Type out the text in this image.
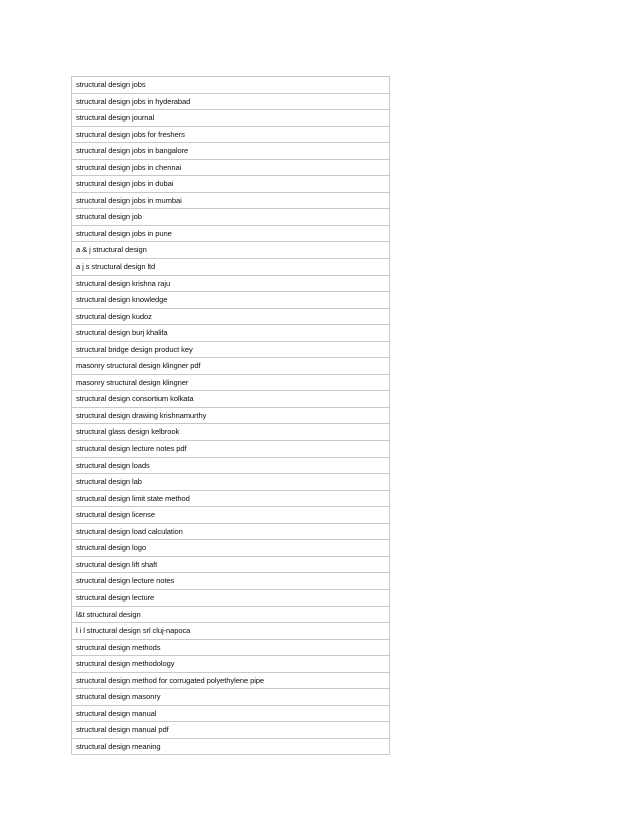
structural design jobs
structural design jobs in hyderabad
structural design journal
structural design jobs for freshers
structural design jobs in bangalore
structural design jobs in chennai
structural design jobs in dubai
structural design jobs in mumbai
structural design job
structural design jobs in pune
a & j structural design
a j s structural design ltd
structural design krishna raju
structural design knowledge
structural design kudoz
structural design burj khalifa
structural bridge design product key
masonry structural design klingner pdf
masonry structural design klingner
structural design consortium kolkata
structural design drawing krishnamurthy
structural glass design kelbrook
structural design lecture notes pdf
structural design loads
structural design lab
structural design limit state method
structural design license
structural design load calculation
structural design logo
structural design lift shaft
structural design lecture notes
structural design lecture
l&t structural design
l i l structural design srl cluj-napoca
structural design methods
structural design methodology
structural design method for corrugated polyethylene pipe
structural design masonry
structural design manual
structural design manual pdf
structural design meaning
